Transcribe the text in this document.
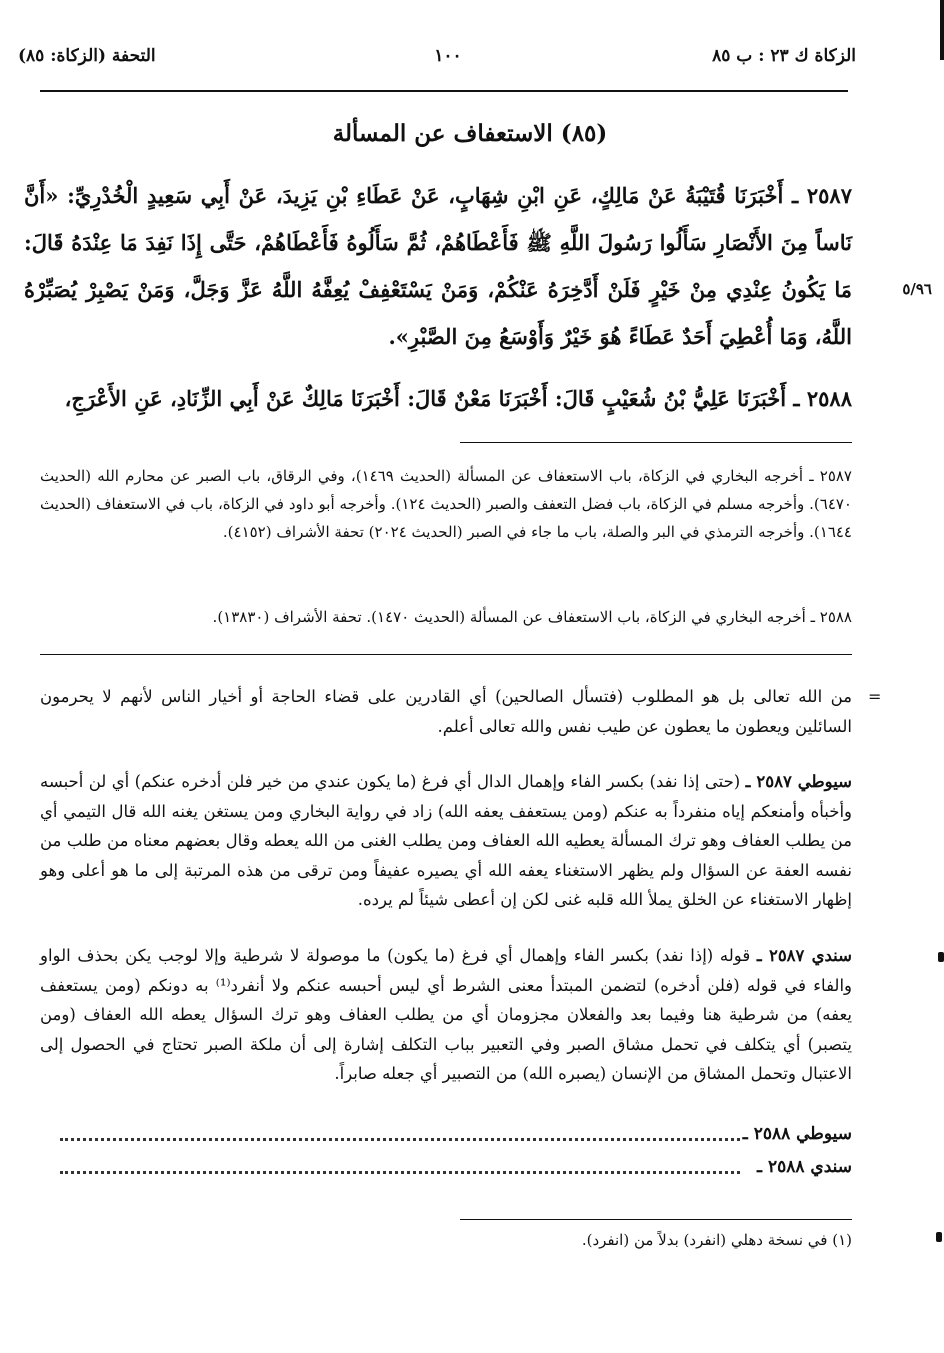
الزكاة ك ٢٣ : ب ٨٥
١٠٠
التحفة (الزكاة: ٨٥)
(٨٥) الاستعفاف عن المسألة
٥/٩٦
٢٥٨٧ ـ أَخْبَرَنَا قُتَيْبَةُ عَنْ مَالِكٍ، عَنِ ابْنِ شِهَابٍ، عَنْ عَطَاءِ بْنِ يَزِيدَ، عَنْ أَبِي سَعِيدٍ الْخُدْرِيِّ: «أَنَّ نَاساً مِنَ الأَنْصَارِ سَأَلُوا رَسُولَ اللَّهِ ﷺ فَأَعْطَاهُمْ، ثُمَّ سَأَلُوهُ فَأَعْطَاهُمْ، حَتَّى إِذَا نَفِدَ مَا عِنْدَهُ قَالَ: مَا يَكُونُ عِنْدِي مِنْ خَيْرٍ فَلَنْ أَدَّخِرَهُ عَنْكُمْ، وَمَنْ يَسْتَعْفِفْ يُعِفَّهُ اللَّهُ عَزَّ وَجَلَّ، وَمَنْ يَصْبِرْ يُصَبِّرْهُ اللَّهُ، وَمَا أُعْطِيَ أَحَدٌ عَطَاءً هُوَ خَيْرٌ وَأَوْسَعُ مِنَ الصَّبْرِ».
٢٥٨٨ ـ أَخْبَرَنَا عَلِيُّ بْنُ شُعَيْبٍ قَالَ: أَخْبَرَنَا مَعْنٌ قَالَ: أَخْبَرَنَا مَالِكٌ عَنْ أَبِي الزِّنَادِ، عَنِ الأَعْرَجِ،
٢٥٨٧ ـ أخرجه البخاري في الزكاة، باب الاستعفاف عن المسألة (الحديث ١٤٦٩)، وفي الرقاق، باب الصبر عن محارم الله (الحديث ٦٤٧٠). وأخرجه مسلم في الزكاة، باب فضل التعفف والصبر (الحديث ١٢٤). وأخرجه أبو داود في الزكاة، باب في الاستعفاف (الحديث ١٦٤٤). وأخرجه الترمذي في البر والصلة، باب ما جاء في الصبر (الحديث ٢٠٢٤) تحفة الأشراف (٤١٥٢).
٢٥٨٨ ـ أخرجه البخاري في الزكاة، باب الاستعفاف عن المسألة (الحديث ١٤٧٠). تحفة الأشراف (١٣٨٣٠).
=
من الله تعالى بل هو المطلوب (فتسأل الصالحين) أي القادرين على قضاء الحاجة أو أخيار الناس لأنهم لا يحرمون السائلين ويعطون ما يعطون عن طيب نفس والله تعالى أعلم.
سيوطي ٢٥٨٧ ـ (حتى إذا نفد) بكسر الفاء وإهمال الدال أي فرغ (ما يكون عندي من خير فلن أدخره عنكم) أي لن أحبسه وأخبأه وأمنعكم إياه منفرداً به عنكم (ومن يستعفف يعفه الله) زاد في رواية البخاري ومن يستغن يغنه الله قال التيمي أي من يطلب العفاف وهو ترك المسألة يعطيه الله العفاف ومن يطلب الغنى من الله يعطه وقال بعضهم معناه من طلب من نفسه العفة عن السؤال ولم يظهر الاستغناء يعفه الله أي يصيره عفيفاً ومن ترقى من هذه المرتبة إلى ما هو أعلى وهو إظهار الاستغناء عن الخلق يملأ الله قلبه غنى لكن إن أعطى شيئاً لم يرده.
سندي ٢٥٨٧ ـ قوله (إذا نفد) بكسر الفاء وإهمال أي فرغ (ما يكون) ما موصولة لا شرطية وإلا لوجب يكن بحذف الواو والفاء في قوله (فلن أدخره) لتضمن المبتدأ معنى الشرط أي ليس أحبسه عنكم ولا أنفرد⁽¹⁾ به دونكم (ومن يستعفف يعفه) من شرطية هنا وفيما بعد والفعلان مجزومان أي من يطلب العفاف وهو ترك السؤال يعطه الله العفاف (ومن يتصبر) أي يتكلف في تحمل مشاق الصبر وفي التعبير بباب التكلف إشارة إلى أن ملكة الصبر تحتاج في الحصول إلى الاعتبال وتحمل المشاق من الإنسان (يصبره الله) من التصبير أي جعله صابراً.
سيوطي ٢٥٨٨ ـ
سندي ٢٥٨٨ ـ
(١) في نسخة دهلي (انفرد) بدلاً من (انفرد).
